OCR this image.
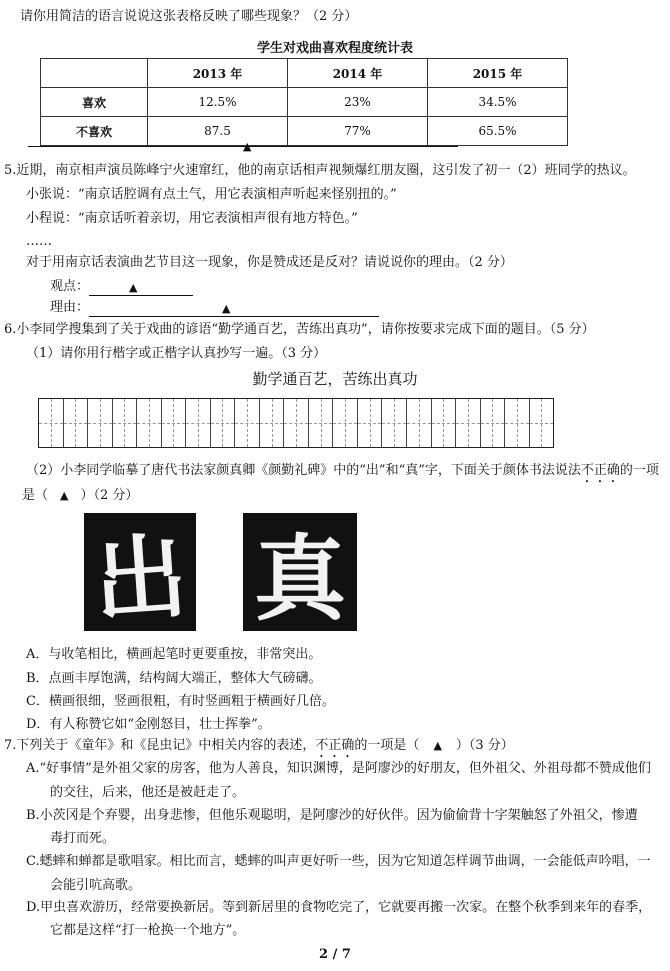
请你用简洁的语言说说这张表格反映了哪些现象？（2 分）
学生对戏曲喜欢程度统计表
	2013 年	2014 年	2015 年
喜欢	12.5%	23%	34.5%
不喜欢	87.5	77%	65.5%
▲
5.近期，南京相声演员陈峰宁火速窜红，他的南京话相声视频爆红朋友圈，这引发了初一（2）班同学的热议。
小张说：“南京话腔调有点土气，用它表演相声听起来怪别扭的。”
小程说：“南京话听着亲切，用它表演相声很有地方特色。”
……
对于用南京话表演曲艺节目这一现象，你是赞成还是反对？请说说你的理由。（2 分）
观点：	▲
理由：	▲
6.小李同学搜集到了关于戏曲的谚语“勤学通百艺，苦练出真功”，请你按要求完成下面的题目。（5 分）
（1）请你用行楷字或正楷字认真抄写一遍。（3 分）
勤学通百艺，苦练出真功
（2）小李同学临摹了唐代书法家颜真卿《颜勤礼碑》中的“出”和“真”字，下面关于颜体书法说法不正确的一项
是（ ▲ ）（2 分）
出 真
A．与收笔相比，横画起笔时更要重按，非常突出。
B．点画丰厚饱满，结构阔大端正，整体大气磅礴。
C．横画很细，竖画很粗，有时竖画粗于横画好几倍。
D．有人称赞它如“金刚怒目，壮士挥拳”。
7.下列关于《童年》和《昆虫记》中相关内容的表述，不正确的一项是（ ▲ ）（3 分）
A.“好事情”是外祖父家的房客，他为人善良，知识渊博，是阿廖沙的好朋友，但外祖父、外祖母都不赞成他们
的交往，后来，他还是被赶走了。
B.小茨冈是个弃婴，出身悲惨，但他乐观聪明，是阿廖沙的好伙伴。因为偷偷背十字架触怒了外祖父，惨遭
毒打而死。
C.蟋蟀和蝉都是歌唱家。相比而言，蟋蟀的叫声更好听一些，因为它知道怎样调节曲调，一会能低声吟唱，一
会能引吭高歌。
D.甲虫喜欢游历，经常要换新居。等到新居里的食物吃完了，它就要再搬一次家。在整个秋季到来年的春季，
它都是这样“打一枪换一个地方”。
2 / 7
